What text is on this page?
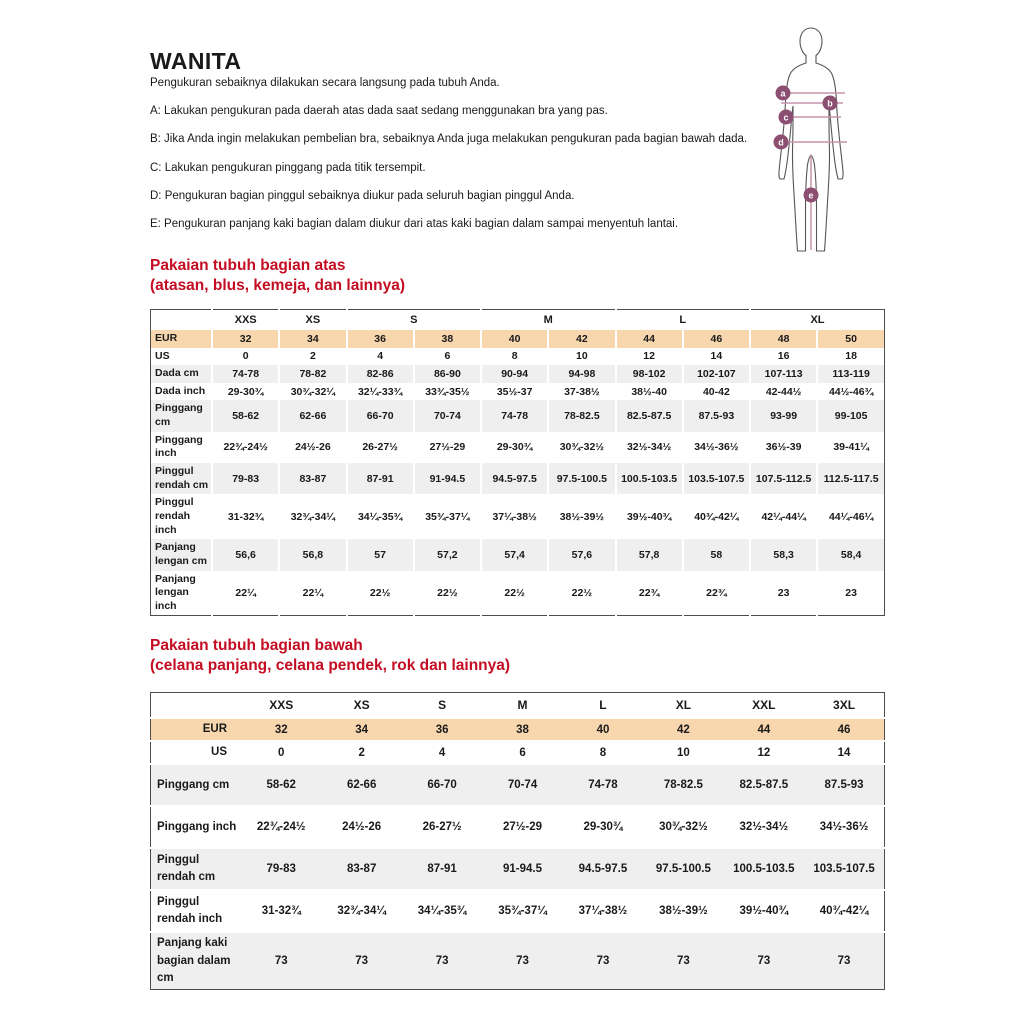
WANITA

Pengukuran sebaiknya dilakukan secara langsung pada tubuh Anda.

A: Lakukan pengukuran pada daerah atas dada saat sedang menggunakan bra yang pas.

B: Jika Anda ingin melakukan pembelian bra, sebaiknya Anda juga melakukan pengukuran pada bagian bawah dada.

C: Lakukan pengukuran pinggang pada titik tersempit.

D: Pengukuran bagian pinggul sebaiknya diukur pada seluruh bagian pinggul Anda.

E: Pengukuran panjang kaki bagian dalam diukur dari atas kaki bagian dalam sampai menyentuh lantai.

a
b
c
d
e
Pakaian tubuh bagian atas
(atasan, blus, kemeja, dan lainnya)
	XXS	XS	S		M		L		XL	
EUR	32	34	36	38	40	42	44	46	48	50
US	0	2	4	6	8	10	12	14	16	18
Dada cm	74-78	78-82	82-86	86-90	90-94	94-98	98-102	102-107	107-113	113-119
Dada inch	29-30¾	30¾-32¼	32¼-33¾	33¾-35½	35½-37	37-38½	38½-40	40-42	42-44½	44½-46¾
Pinggang cm	58-62	62-66	66-70	70-74	74-78	78-82.5	82.5-87.5	87.5-93	93-99	99-105
Pinggang inch	22¾-24½	24½-26	26-27½	27½-29	29-30¾	30¾-32½	32½-34½	34½-36½	36½-39	39-41¼
Pinggul rendah cm	79-83	83-87	87-91	91-94.5	94.5-97.5	97.5-100.5	100.5-103.5	103.5-107.5	107.5-112.5	112.5-117.5
Pinggul rendah inch	31-32¾	32¾-34¼	34¼-35¾	35¾-37¼	37¼-38½	38½-39½	39½-40¾	40¾-42¼	42¼-44¼	44¼-46¼
Panjang lengan cm	56,6	56,8	57	57,2	57,4	57,6	57,8	58	58,3	58,4
Panjang lengan inch	22¼	22¼	22½	22½	22½	22½	22¾	22¾	23	23
Pakaian tubuh bagian bawah
(celana panjang, celana pendek, rok dan lainnya)
	XXS	XS	S	M	L	XL	XXL	3XL
EUR	32	34	36	38	40	42	44	46
US	0	2	4	6	8	10	12	14
Pinggang cm	58-62	62-66	66-70	70-74	74-78	78-82.5	82.5-87.5	87.5-93
Pinggang inch	22¾-24½	24½-26	26-27½	27½-29	29-30¾	30¾-32½	32½-34½	34½-36½
Pinggul rendah cm	79-83	83-87	87-91	91-94.5	94.5-97.5	97.5-100.5	100.5-103.5	103.5-107.5
Pinggul rendah inch	31-32¾	32¾-34¼	34¼-35¾	35¾-37¼	37¼-38½	38½-39½	39½-40¾	40¾-42¼
Panjang kaki bagian dalam cm	73	73	73	73	73	73	73	73
